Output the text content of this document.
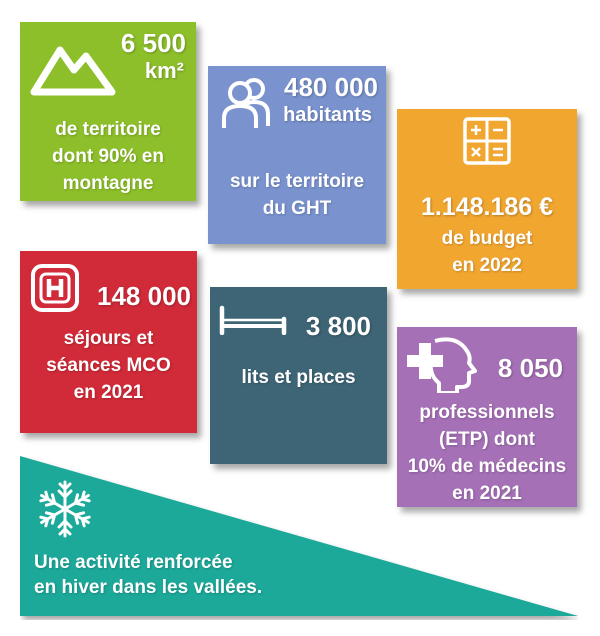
6 500
km²
de territoire
dont 90% en
montagne
480 000
habitants
sur le territoire
du GHT	1.148.186 €
de budget
en 2022
148 000
séjours et
séances MCO
en 2021
3 800
lits et places	8 050
professionnels
(ETP) dont
10% de médecins
en 2021
Une activité renforcée
en hiver dans les vallées.
